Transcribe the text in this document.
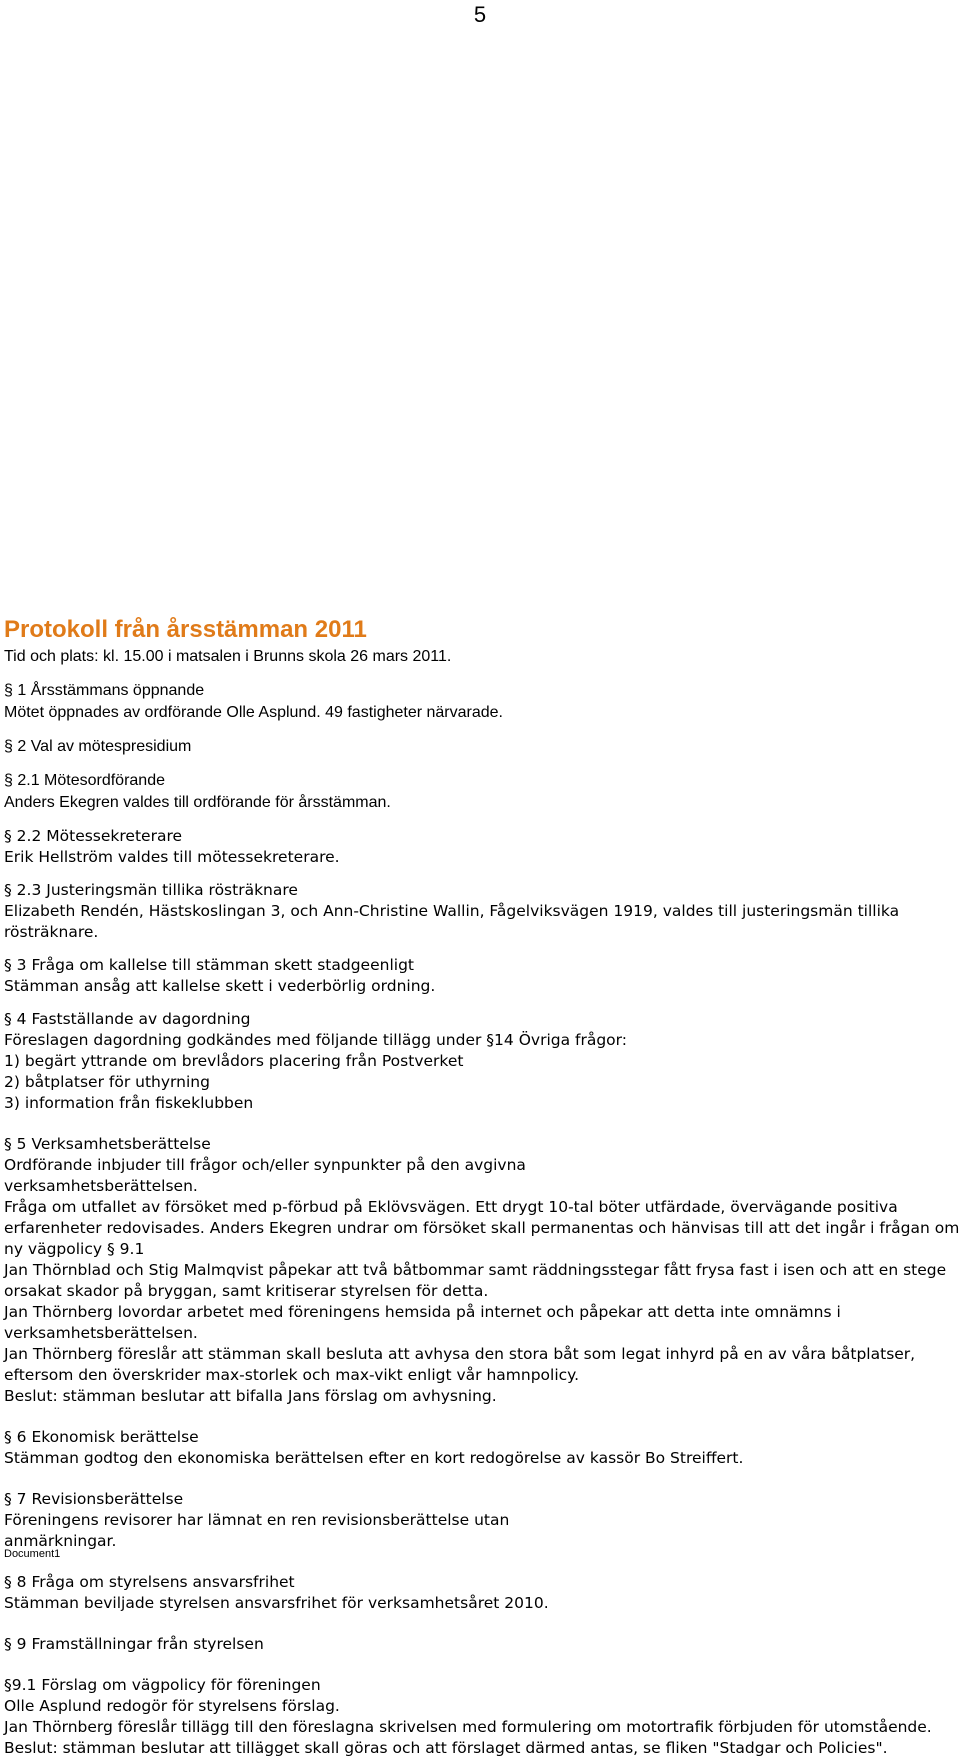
5
Protokoll från årsstämman 2011

Tid och plats: kl. 15.00 i matsalen i Brunns skola 26 mars 2011.

§ 1 Årsstämmans öppnande

Mötet öppnades av ordförande Olle Asplund. 49 fastigheter närvarade.

§ 2 Val av mötespresidium

§ 2.1 Mötesordförande

Anders Ekegren valdes till ordförande för årsstämman.

§ 2.2 Mötessekreterare

Erik Hellström valdes till mötessekreterare.

§ 2.3 Justeringsmän tillika rösträknare

Elizabeth Rendén, Hästskoslingan 3, och Ann-Christine Wallin, Fågelviksvägen 1919, valdes till justeringsmän tillika rösträknare.

§ 3 Fråga om kallelse till stämman skett stadgeenligt

Stämman ansåg att kallelse skett i vederbörlig ordning.

§ 4 Fastställande av dagordning

Föreslagen dagordning godkändes med följande tillägg under §14 Övriga frågor:

1) begärt yttrande om brevlådors placering från Postverket

2) båtplatser för uthyrning

3) information från fiskeklubben

§ 5 Verksamhetsberättelse

Ordförande inbjuder till frågor och/eller synpunkter på den avgivna verksamhetsberättelsen.

Fråga om utfallet av försöket med p-förbud på Eklövsvägen. Ett drygt 10-tal böter utfärdade, övervägande positiva erfarenheter redovisades. Anders Ekegren undrar om försöket skall permanentas och hänvisas till att det ingår i frågan om ny vägpolicy § 9.1

Jan Thörnblad och Stig Malmqvist påpekar att två båtbommar samt räddningsstegar fått frysa fast i isen och att en stege orsakat skador på bryggan, samt kritiserar styrelsen för detta.

Jan Thörnberg lovordar arbetet med föreningens hemsida på internet och påpekar att detta inte omnämns i verksamhetsberättelsen.

Jan Thörnberg föreslår att stämman skall besluta att avhysa den stora båt som legat inhyrd på en av våra båtplatser, eftersom den överskrider max-storlek och max-vikt enligt vår hamnpolicy.

Beslut: stämman beslutar att bifalla Jans förslag om avhysning.

§ 6 Ekonomisk berättelse

Stämman godtog den ekonomiska berättelsen efter en kort redogörelse av kassör Bo Streiffert.

§ 7 Revisionsberättelse

Föreningens revisorer har lämnat en ren revisionsberättelse utan anmärkningar.

§ 8 Fråga om styrelsens ansvarsfrihet

Stämman beviljade styrelsen ansvarsfrihet för verksamhetsåret 2010.

§ 9 Framställningar från styrelsen

§9.1 Förslag om vägpolicy för föreningen

Olle Asplund redogör för styrelsens förslag.

Jan Thörnberg föreslår tillägg till den föreslagna skrivelsen med formulering om motortrafik förbjuden för utomstående.

Beslut: stämman beslutar att tillägget skall göras och att förslaget därmed antas, se fliken "Stadgar och Policies".

Document1
